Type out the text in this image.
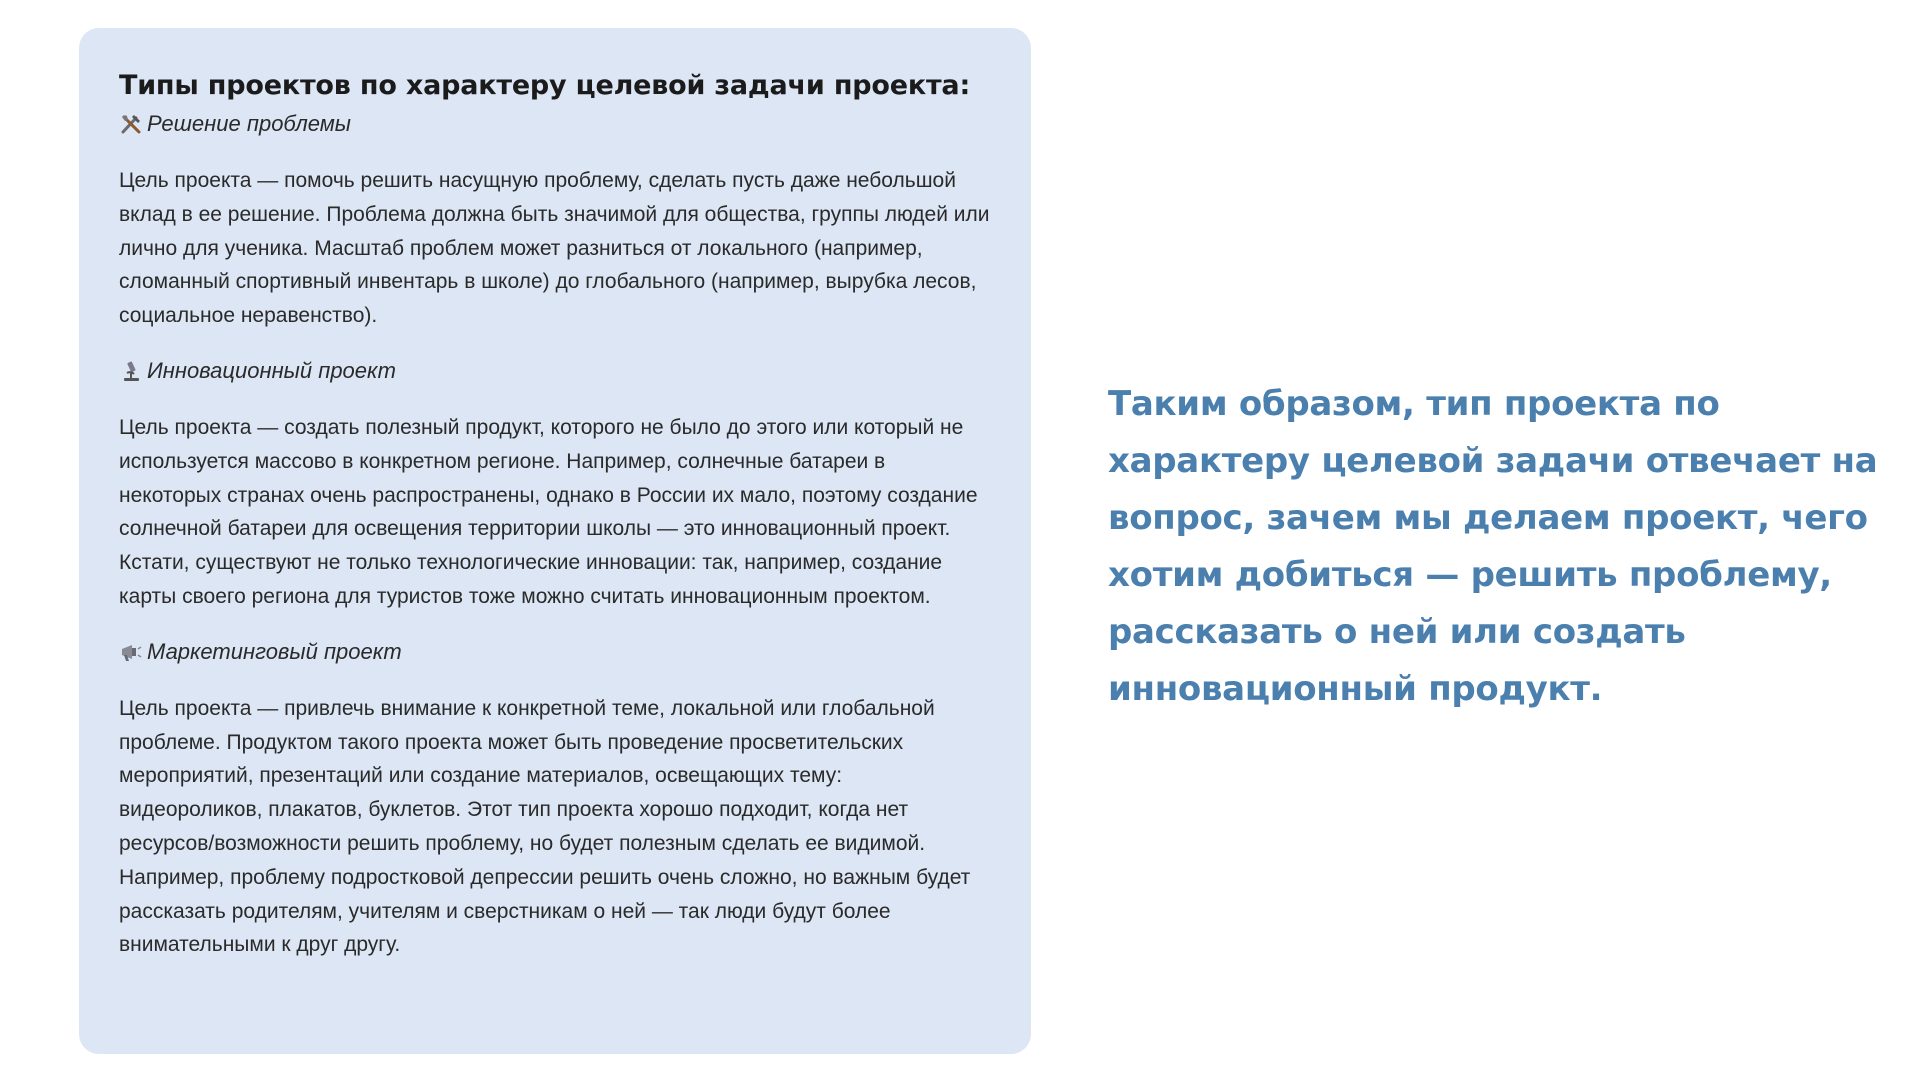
Типы проектов по характеру целевой задачи проекта:
Решение проблемы

Цель проекта — помочь решить насущную проблему, сделать пусть даже небольшой вклад в ее решение. Проблема должна быть значимой для общества, группы людей или лично для ученика. Масштаб проблем может разниться от локального (например, сломанный спортивный инвентарь в школе) до глобального (например, вырубка лесов, социальное неравенство).

Инновационный проект

Цель проекта — создать полезный продукт, которого не было до этого или который не используется массово в конкретном регионе. Например, солнечные батареи в некоторых странах очень распространены, однако в России их мало, поэтому создание солнечной батареи для освещения территории школы — это инновационный проект. Кстати, существуют не только технологические инновации: так, например, создание карты своего региона для туристов тоже можно считать инновационным проектом.

Маркетинговый проект

Цель проекта — привлечь внимание к конкретной теме, локальной или глобальной проблеме. Продуктом такого проекта может быть проведение просветительских мероприятий, презентаций или создание материалов, освещающих тему: видеороликов, плакатов, буклетов. Этот тип проекта хорошо подходит, когда нет ресурсов/возможности решить проблему, но будет полезным сделать ее видимой. Например, проблему подростковой депрессии решить очень сложно, но важным будет рассказать родителям, учителям и сверстникам о ней — так люди будут более внимательными к друг другу.

Таким образом, тип проекта по характеру целевой задачи отвечает на вопрос, зачем мы делаем проект, чего хотим добиться — решить проблему, рассказать о ней или создать инновационный продукт.
